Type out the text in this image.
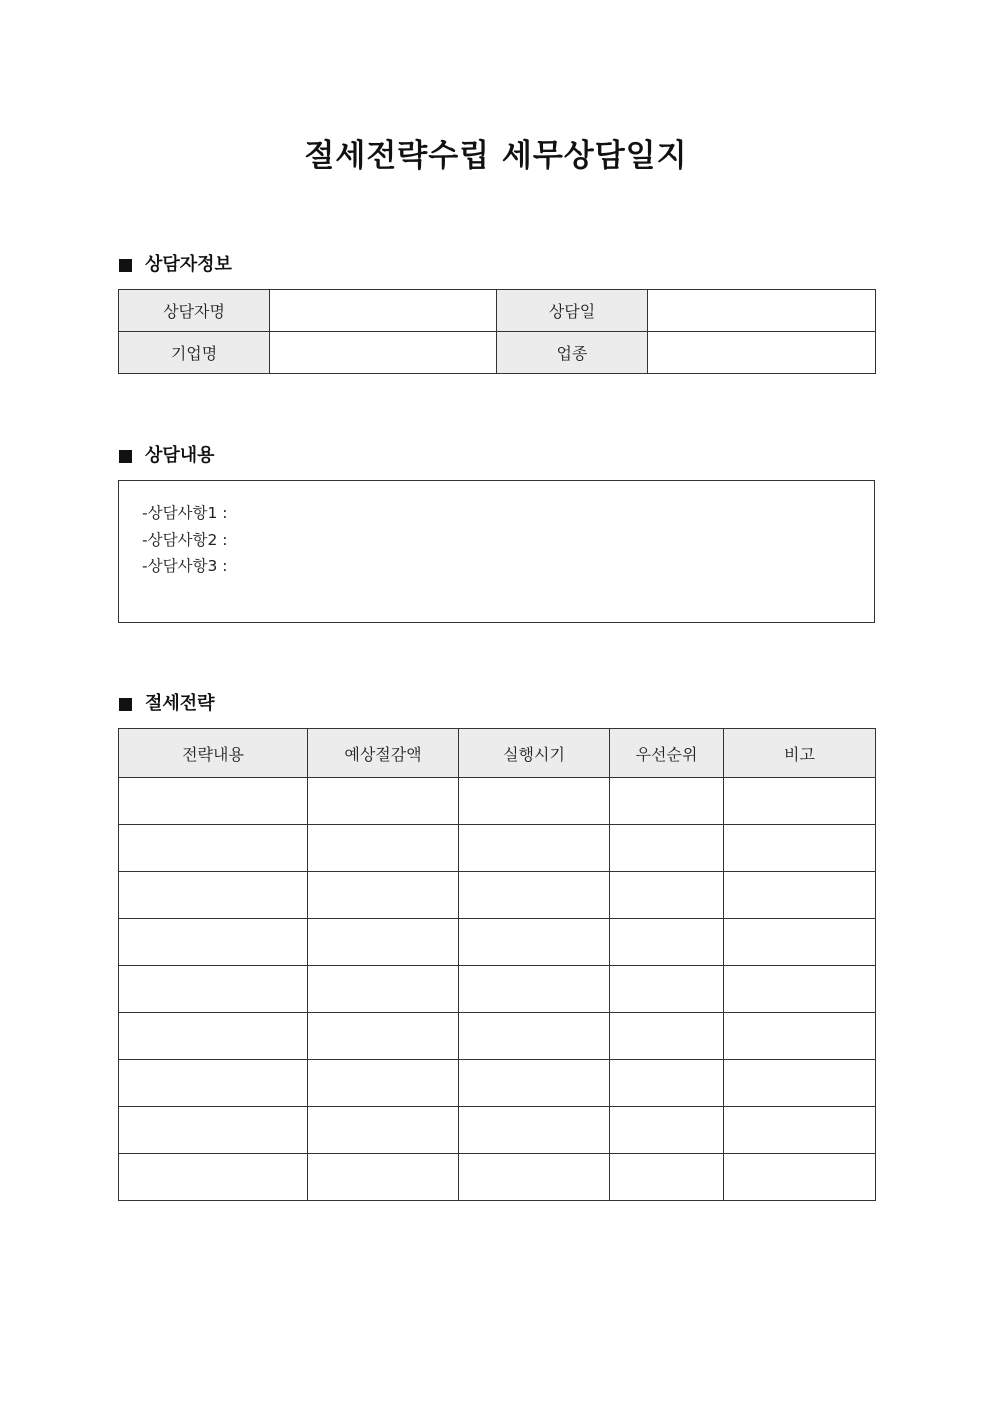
절세전략수립 세무상담일지
상담자정보
상담자명		상담일	
기업명		업종	
상담내용
-상담사항1 :
-상담사항2 :
-상담사항3 :
절세전략
전략내용	예상절감액	실행시기	우선순위	비고
